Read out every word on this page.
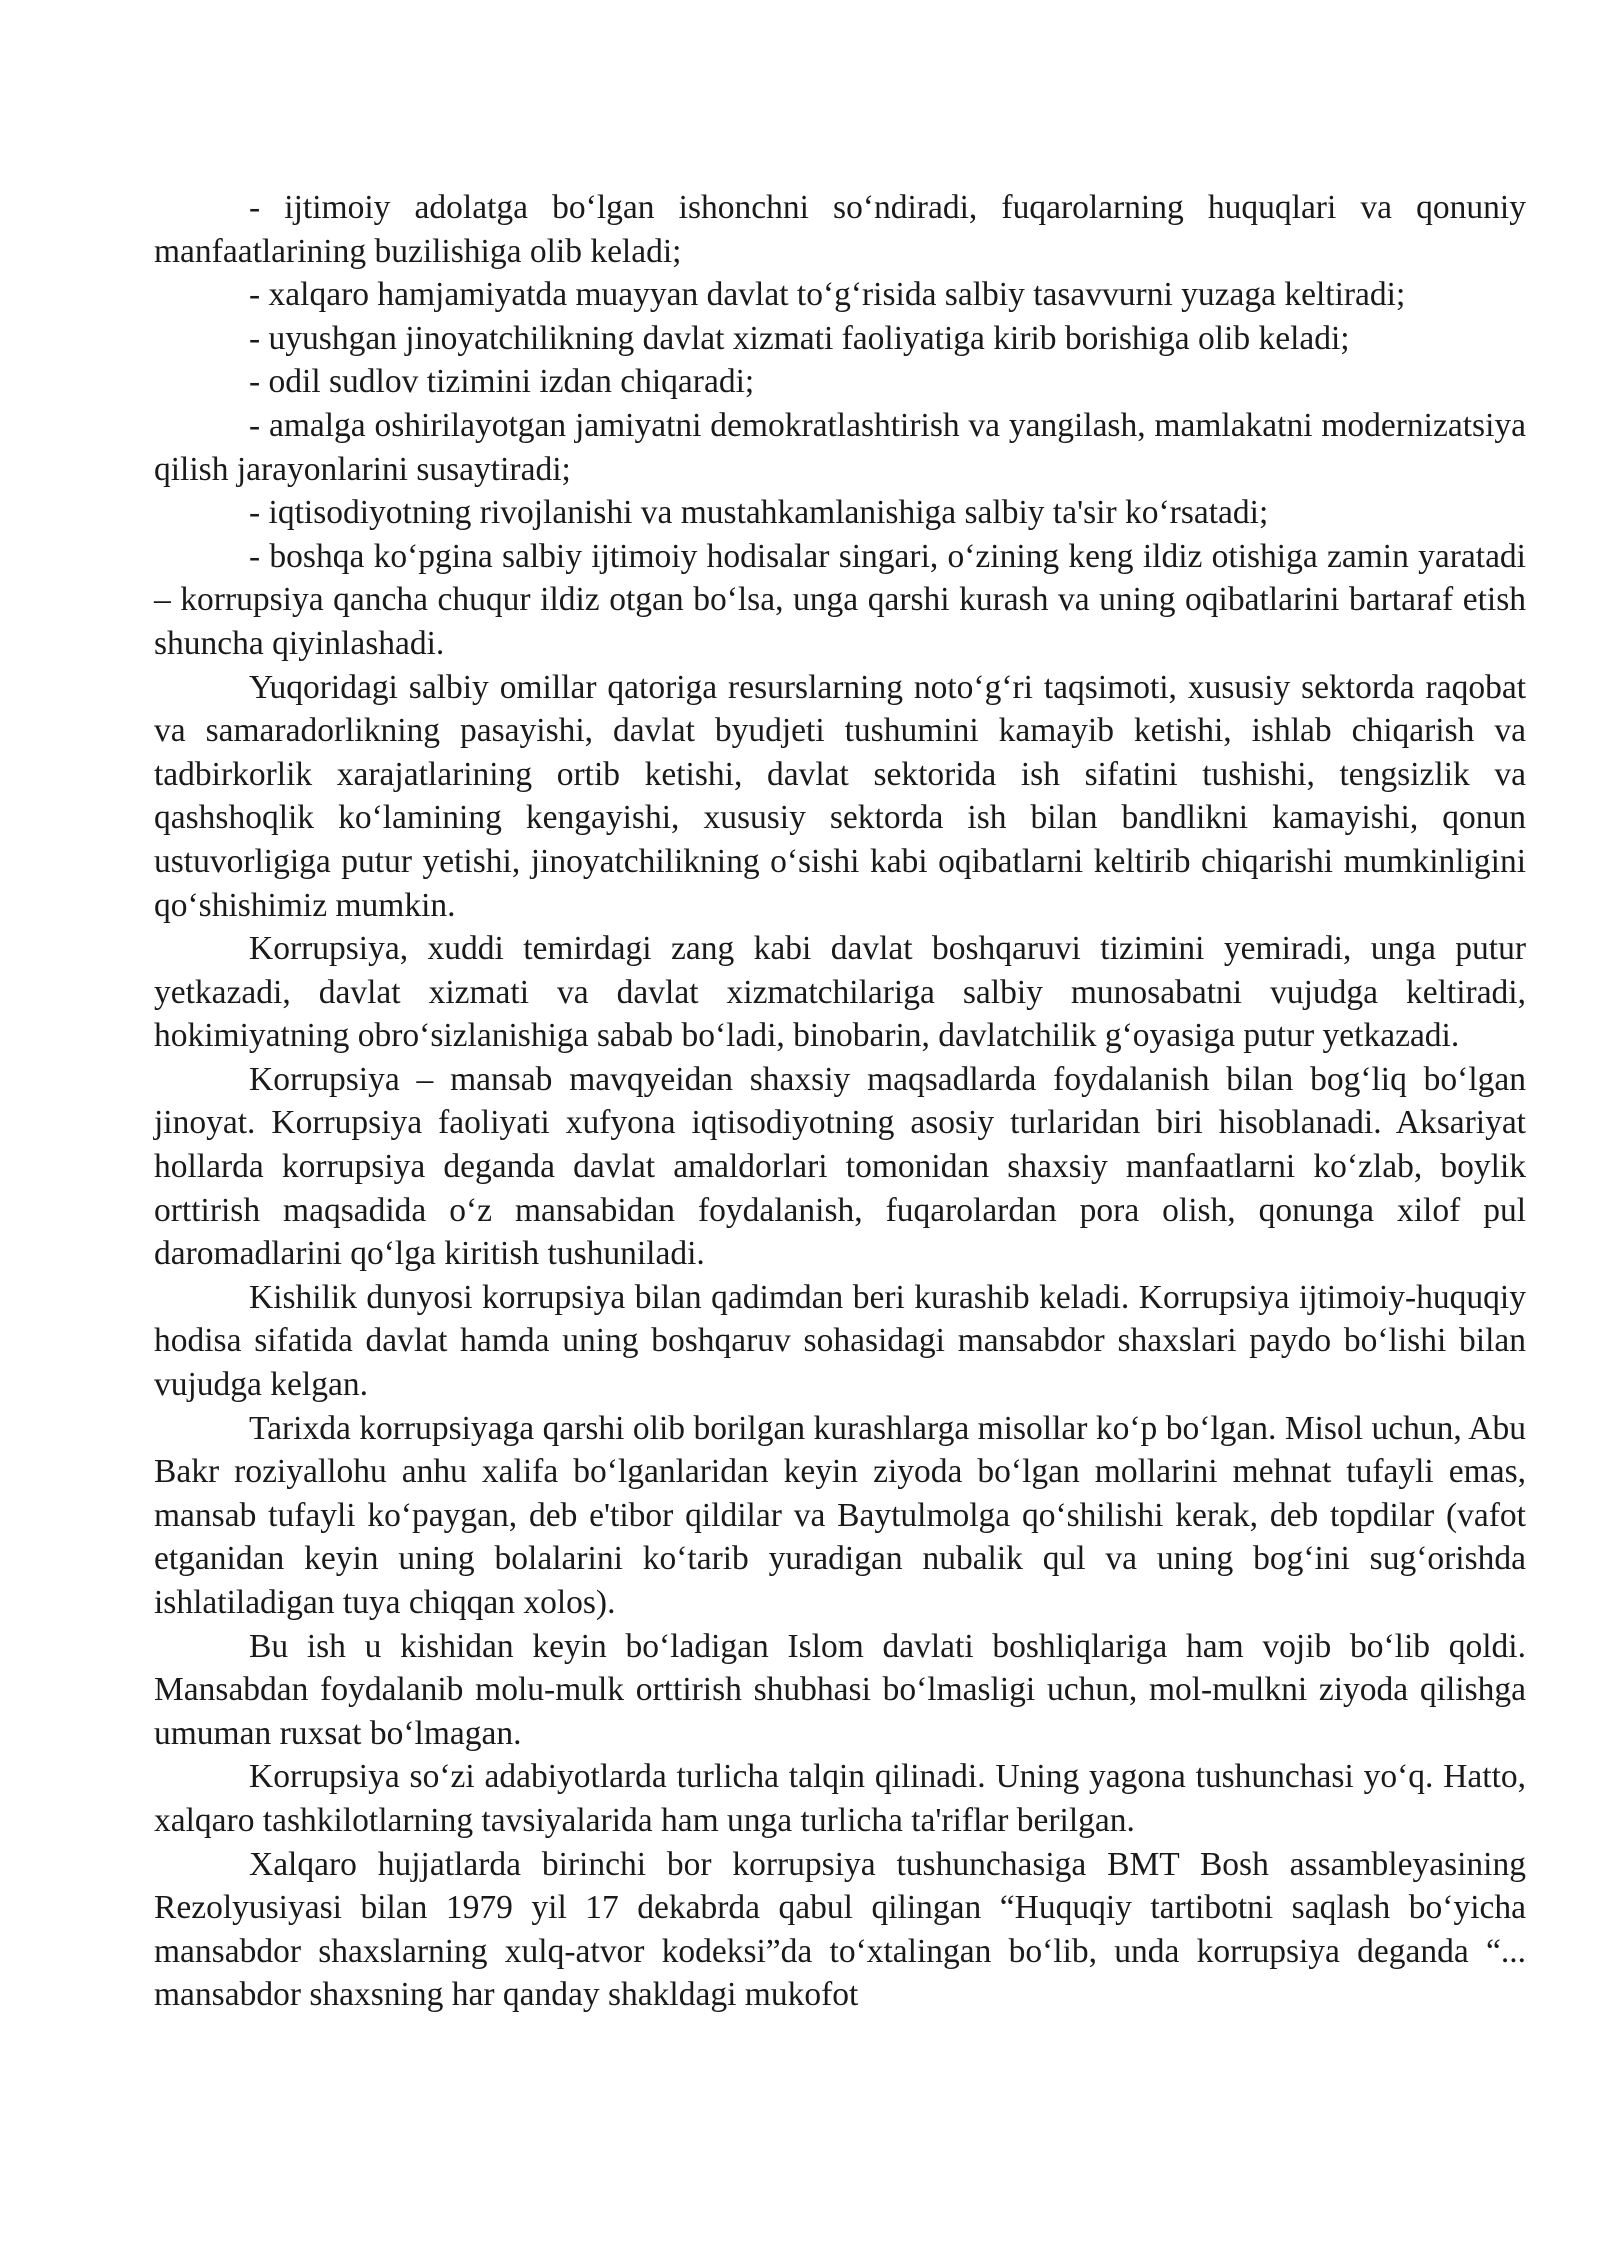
- ijtimoiy adolatga bo‘lgan ishonchni so‘ndiradi, fuqarolarning huquqlari va qonuniy manfaatlarining buzilishiga olib keladi;

- xalqaro hamjamiyatda muayyan davlat to‘g‘risida salbiy tasavvurni yuzaga keltiradi;

- uyushgan jinoyatchilikning davlat xizmati faoliyatiga kirib borishiga olib keladi;

- odil sudlov tizimini izdan chiqaradi;

- amalga oshirilayotgan jamiyatni demokratlashtirish va yangilash, mamlakatni modernizatsiya qilish jarayonlarini susaytiradi;

- iqtisodiyotning rivojlanishi va mustahkamlanishiga salbiy ta'sir ko‘rsatadi;

- boshqa ko‘pgina salbiy ijtimoiy hodisalar singari, o‘zining keng ildiz otishiga zamin yaratadi – korrupsiya qancha chuqur ildiz otgan bo‘lsa, unga qarshi kurash va uning oqibatlarini bartaraf etish shuncha qiyinlashadi.

Yuqoridagi salbiy omillar qatoriga resurslarning noto‘g‘ri taqsimoti, xususiy sektorda raqobat va samaradorlikning pasayishi, davlat byudjeti tushumini kamayib ketishi, ishlab chiqarish va tadbirkorlik xarajatlarining ortib ketishi, davlat sektorida ish sifatini tushishi, tengsizlik va qashshoqlik ko‘lamining kengayishi, xususiy sektorda ish bilan bandlikni kamayishi, qonun ustuvorligiga putur yetishi, jinoyatchilikning o‘sishi kabi oqibatlarni keltirib chiqarishi mumkinligini qo‘shishimiz mumkin.

Korrupsiya, xuddi temirdagi zang kabi davlat boshqaruvi tizimini yemiradi, unga putur yetkazadi, davlat xizmati va davlat xizmatchilariga salbiy munosabatni vujudga keltiradi, hokimiyatning obro‘sizlanishiga sabab bo‘ladi, binobarin, davlatchilik g‘oyasiga putur yetkazadi.

Korrupsiya – mansab mavqyeidan shaxsiy maqsadlarda foydalanish bilan bog‘liq bo‘lgan jinoyat. Korrupsiya faoliyati xufyona iqtisodiyotning asosiy turlaridan biri hisoblanadi. Aksariyat hollarda korrupsiya deganda davlat amaldorlari tomonidan shaxsiy manfaatlarni ko‘zlab, boylik orttirish maqsadida o‘z mansabidan foydalanish, fuqarolardan pora olish, qonunga xilof pul daromadlarini qo‘lga kiritish tushuniladi.

Kishilik dunyosi korrupsiya bilan qadimdan beri kurashib keladi. Korrupsiya ijtimoiy-huquqiy hodisa sifatida davlat hamda uning boshqaruv sohasidagi mansabdor shaxslari paydo bo‘lishi bilan vujudga kelgan.

Tarixda korrupsiyaga qarshi olib borilgan kurashlarga misollar ko‘p bo‘lgan. Misol uchun, Abu Bakr roziyallohu anhu xalifa bo‘lganlaridan keyin ziyoda bo‘lgan mollarini mehnat tufayli emas, mansab tufayli ko‘paygan, deb e'tibor qildilar va Baytulmolga qo‘shilishi kerak, deb topdilar (vafot etganidan keyin uning bolalarini ko‘tarib yuradigan nubalik qul va uning bog‘ini sug‘orishda ishlatiladigan tuya chiqqan xolos).

Bu ish u kishidan keyin bo‘ladigan Islom davlati boshliqlariga ham vojib bo‘lib qoldi. Mansabdan foydalanib molu-mulk orttirish shubhasi bo‘lmasligi uchun, mol-mulkni ziyoda qilishga umuman ruxsat bo‘lmagan.

Korrupsiya so‘zi adabiyotlarda turlicha talqin qilinadi. Uning yagona tushunchasi yo‘q. Hatto, xalqaro tashkilotlarning tavsiyalarida ham unga turlicha ta'riflar berilgan.

Xalqaro hujjatlarda birinchi bor korrupsiya tushunchasiga BMT Bosh assambleyasining Rezolyusiyasi bilan 1979 yil 17 dekabrda qabul qilingan “Huquqiy tartibotni saqlash bo‘yicha mansabdor shaxslarning xulq-atvor kodeksi”da to‘xtalingan bo‘lib, unda korrupsiya deganda “... mansabdor shaxsning har qanday shakldagi mukofot
